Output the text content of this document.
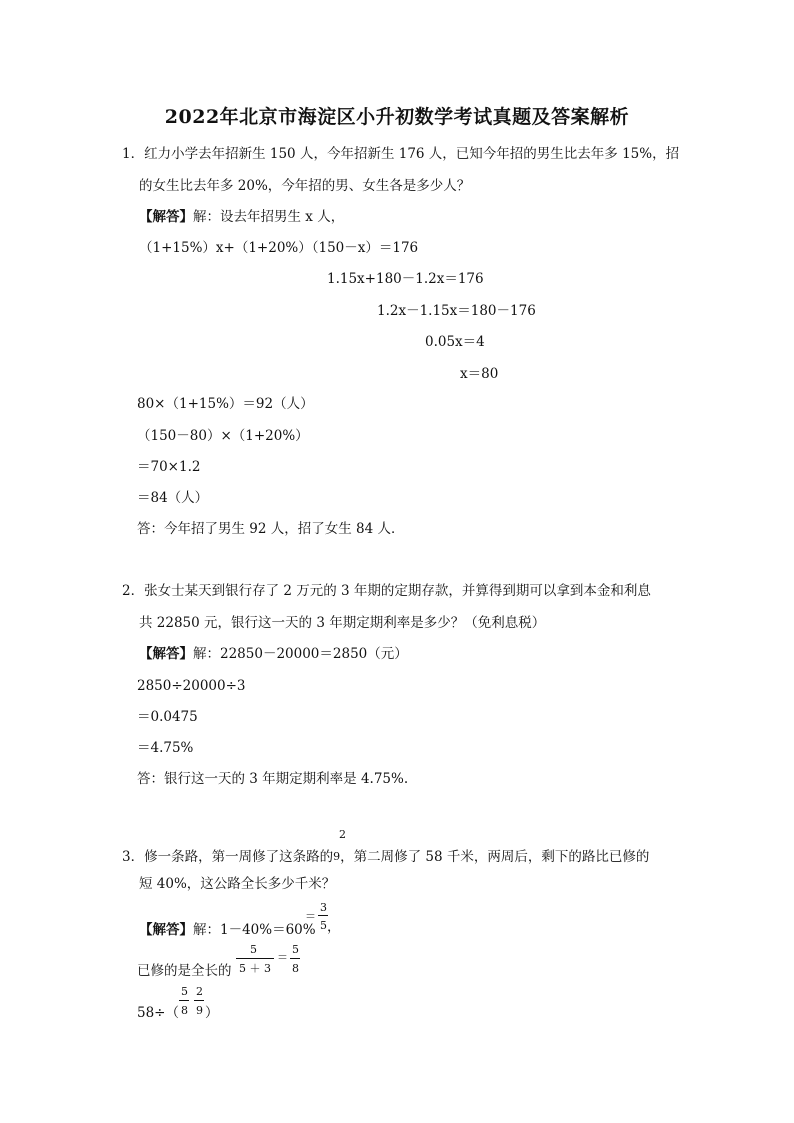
2022年北京市海淀区小升初数学考试真题及答案解析
1．红力小学去年招新生 150 人，今年招新生 176 人，已知今年招的男生比去年多 15%，招
的女生比去年多 20%，今年招的男、女生各是多少人？
【解答】解：设去年招男生 x 人，
（1+15%）x+（1+20%）（150－x）＝176
1.15x+180－1.2x＝176
1.2x－1.15x＝180－176
0.05x＝4
x＝80
80×（1+15%）＝92（人）
（150－80）×（1+20%）
＝70×1.2
＝84（人）
答：今年招了男生 92 人，招了女生 84 人．
2．张女士某天到银行存了 2 万元的 3 年期的定期存款，并算得到期可以拿到本金和利息
共 22850 元，银行这一天的 3 年期定期利率是多少？（免利息税）
【解答】解：22850－20000＝2850（元）
2850÷20000÷3
＝0.0475
＝4.75%
答：银行这一天的 3 年期定期利率是 4.75%.
2
3．修一条路，第一周修了这条路的9，第二周修了 58 千米，两周后，剩下的路比已修的
短 40%，这公路全长多少千米？
【解答】解：1－40%＝60%
＝
3
5 ，
已修的是全长的
5
5 ＋ 3
＝
5
8
58÷（
5
8
2
9 ）
